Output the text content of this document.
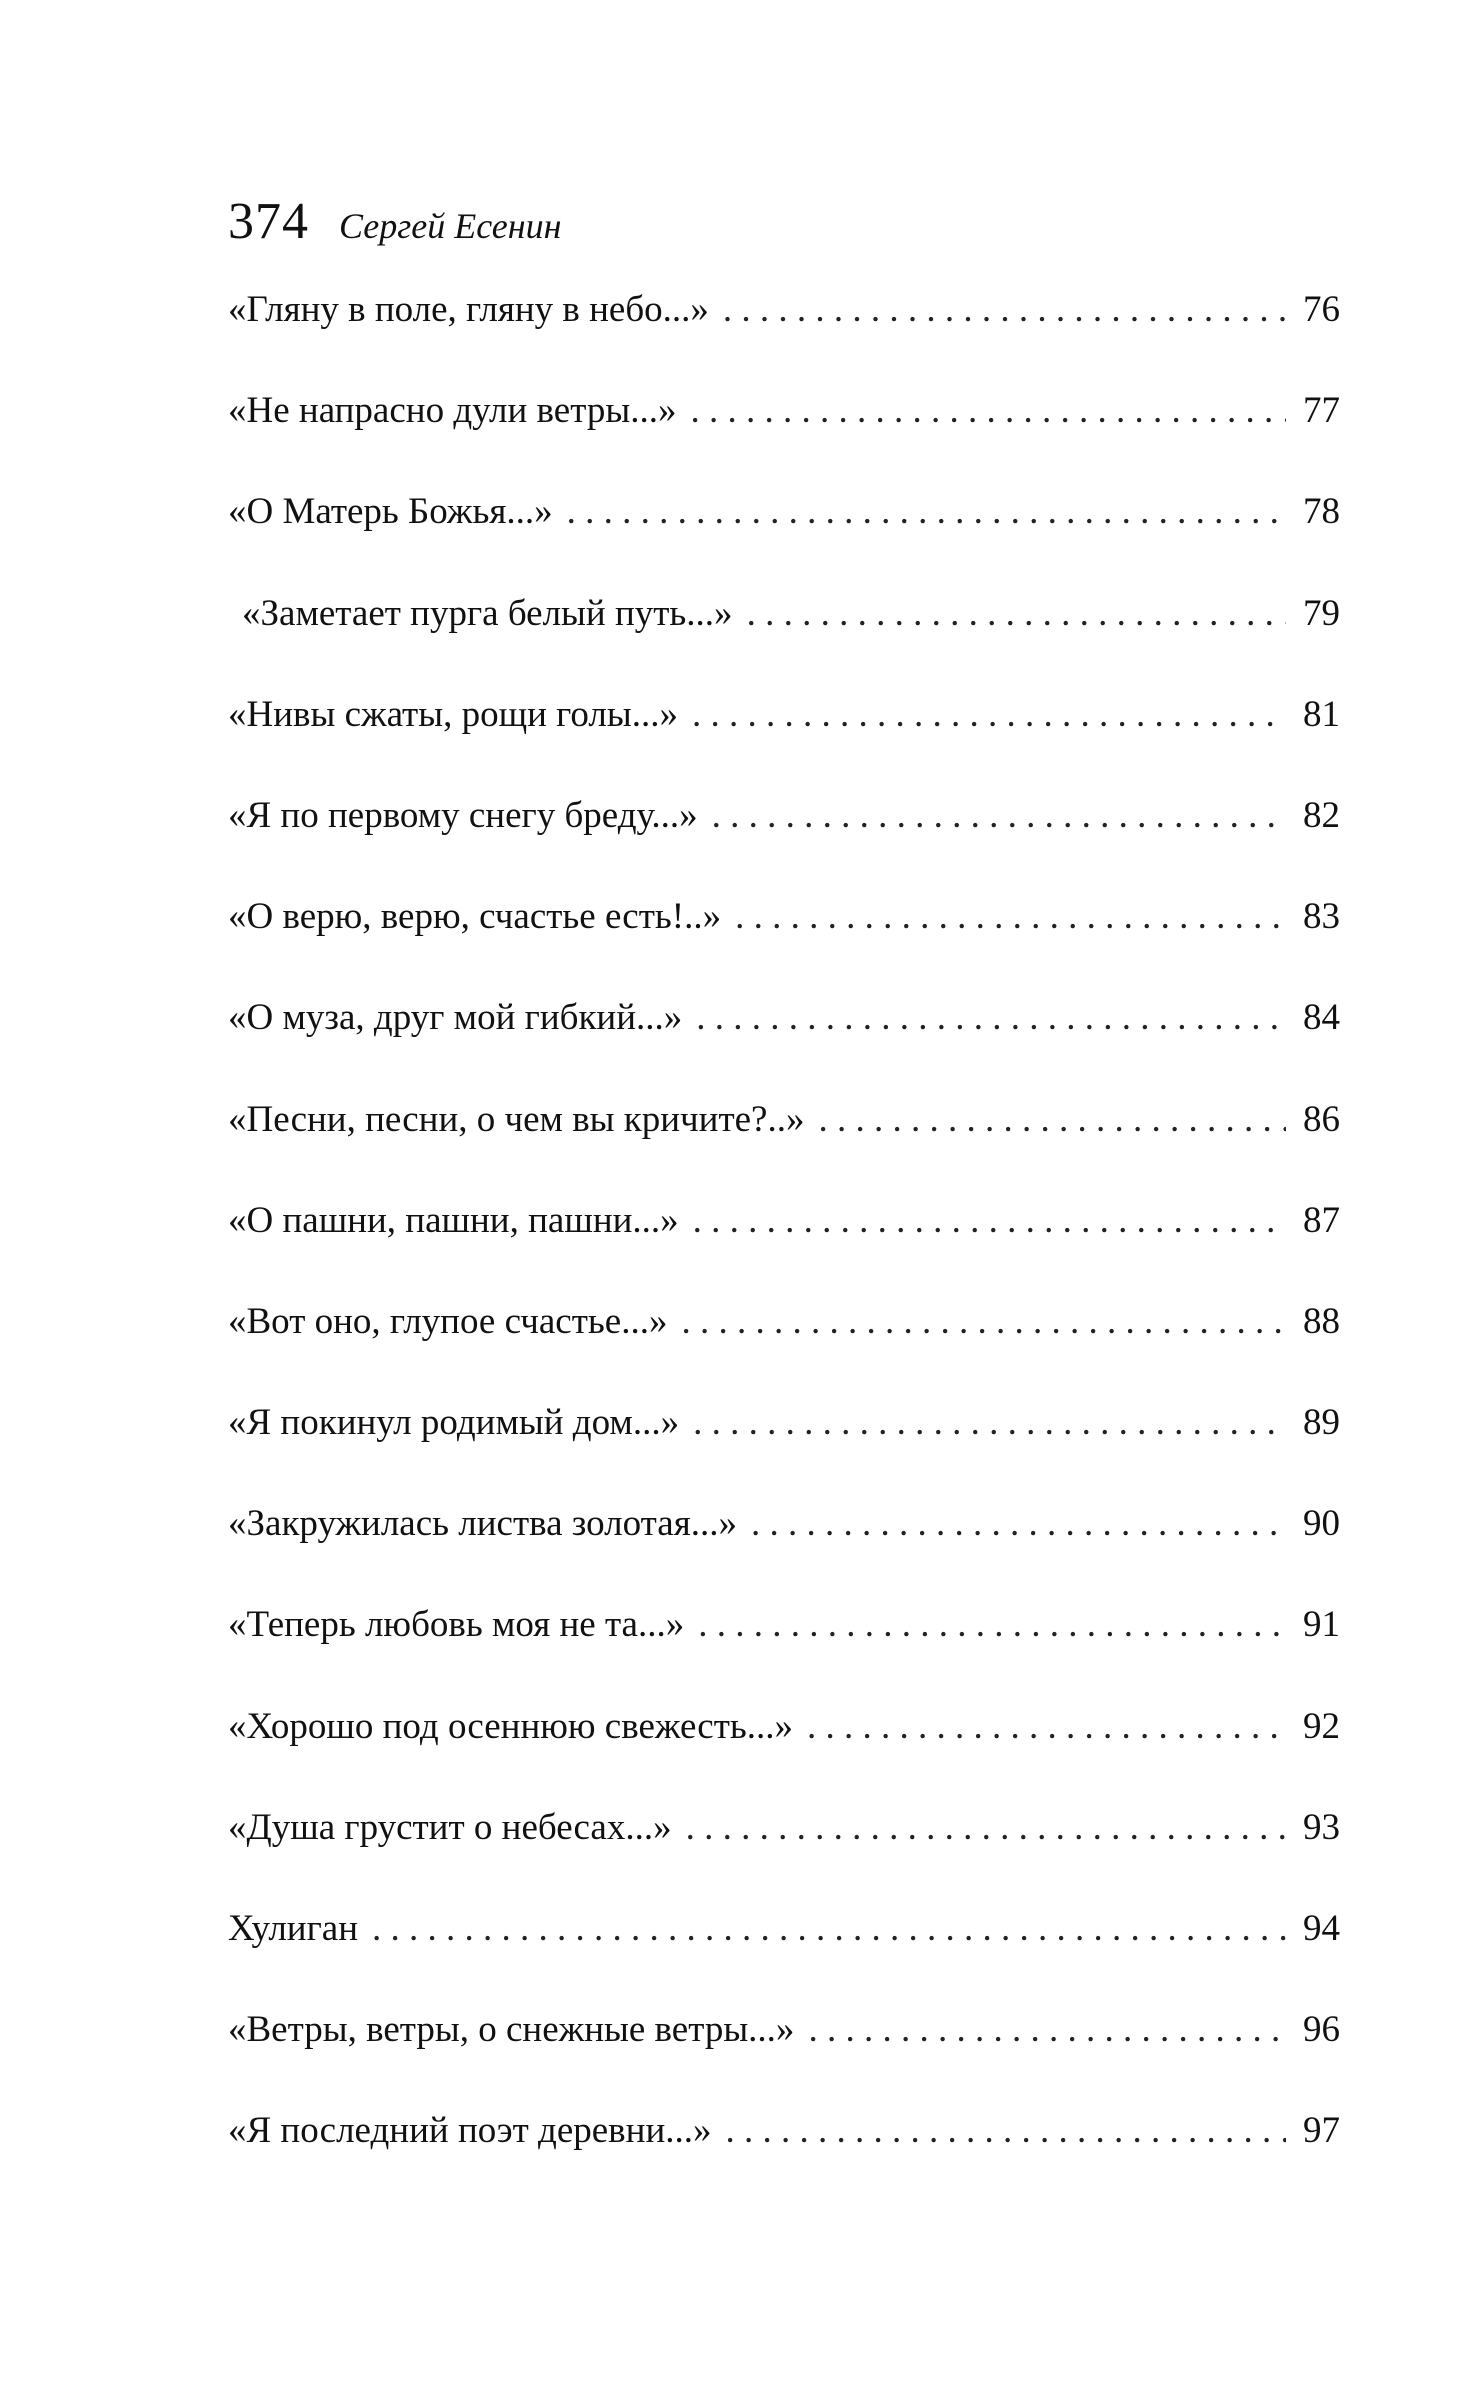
374 Сергей Есенин
«Гляну в поле, гляну в небо...» . . .	76
«Не напрасно дули ветры...» . . .	77
«О Матерь Божья...» . . .	78
«Заметает пурга белый путь...» . . .	79
«Нивы сжаты, рощи голы...» . . .	81
«Я по первому снегу бреду...» . . .	82
«О верю, верю, счастье есть!..» . . .	83
«О муза, друг мой гибкий...» . . .	84
«Песни, песни, о чем вы кричите?..» . . .	86
«О пашни, пашни, пашни...» . . .	87
«Вот оно, глупое счастье...» . . .	88
«Я покинул родимый дом...» . . .	89
«Закружилась листва золотая...» . . .	90
«Теперь любовь моя не та...» . . .	91
«Хорошо под осеннюю свежесть...» . . .	92
«Душа грустит о небесах...» . . .	93
Хулиган . . .	94
«Ветры, ветры, о снежные ветры...» . . .	96
«Я последний поэт деревни...» . . .	97
